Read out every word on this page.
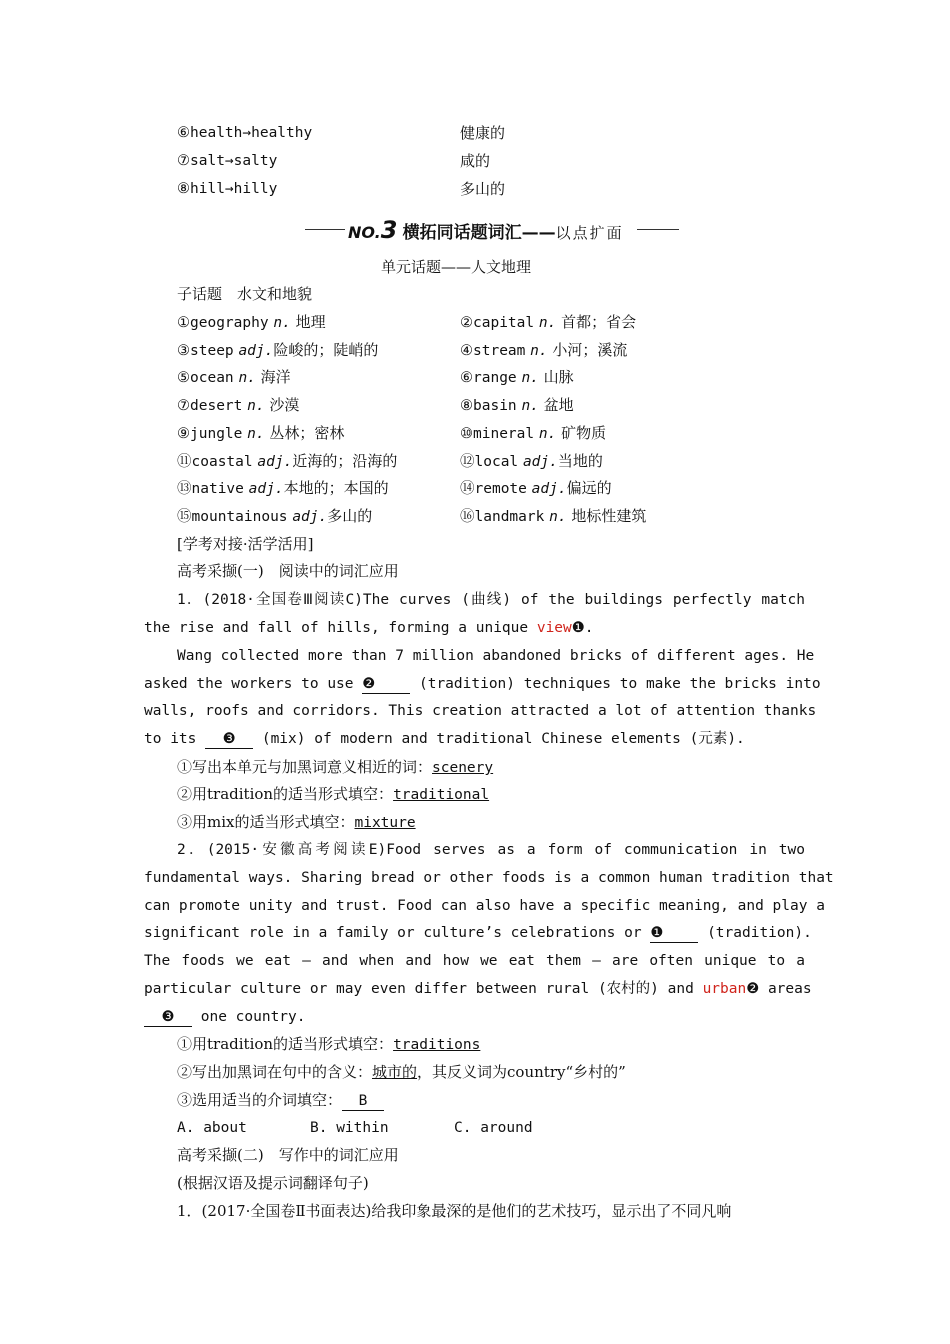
⑥health→healthy	健康的
⑦salt→salty	咸的
⑧hill→hilly	多山的
NO.3 横拓同话题词汇——以点扩面
单元话题——人文地理
子话题　水文和地貌
①geography n. 地理	②capital n. 首都；省会
③steep adj.险峻的；陡峭的	④stream n. 小河；溪流
⑤ocean n. 海洋	⑥range n. 山脉
⑦desert n. 沙漠	⑧basin n. 盆地
⑨jungle n. 丛林；密林	⑩mineral n. 矿物质
⑪coastal adj.近海的；沿海的	⑫local adj.当地的
⑬native adj.本地的；本国的	⑭remote adj.偏远的
⑮mountainous adj.多山的	⑯landmark n. 地标性建筑
[学考对接·活学活用]
高考采撷(一)　阅读中的词汇应用
1．(2018·全国卷Ⅲ阅读C)The curves (曲线) of the buildings perfectly match
the rise and fall of hills, forming a unique view❶.
Wang collected more than 7 million abandoned bricks of different ages. He
asked the workers to use ❷	(tradition) techniques to make the bricks into
walls, roofs and corridors. This creation attracted a lot of attention thanks
to its ❸ (mix) of modern and traditional Chinese elements (元素).
①写出本单元与加黑词意义相近的词：scenery
②用tradition的适当形式填空：traditional
③用mix的适当形式填空：mixture
2．(2015·安徽高考阅读E)Food serves as a form of communication in two
fundamental ways. Sharing bread or other foods is a common human tradition that
can promote unity and trust. Food can also have a specific meaning, and play a
significant role in a family or culture’s celebrations or ❶	(tradition).
The foods we eat — and when and how we eat them — are often unique to a
particular culture or may even differ between rural (农村的) and urban❷ areas
❸ one country.
①用tradition的适当形式填空：traditions
②写出加黑词在句中的含义：城市的，其反义词为country“乡村的”
③选用适当的介词填空： B
A. about	B. within	C. around
高考采撷(二)　写作中的词汇应用
(根据汉语及提示词翻译句子)
1．(2017·全国卷Ⅱ书面表达)给我印象最深的是他们的艺术技巧，显示出了不同凡响
